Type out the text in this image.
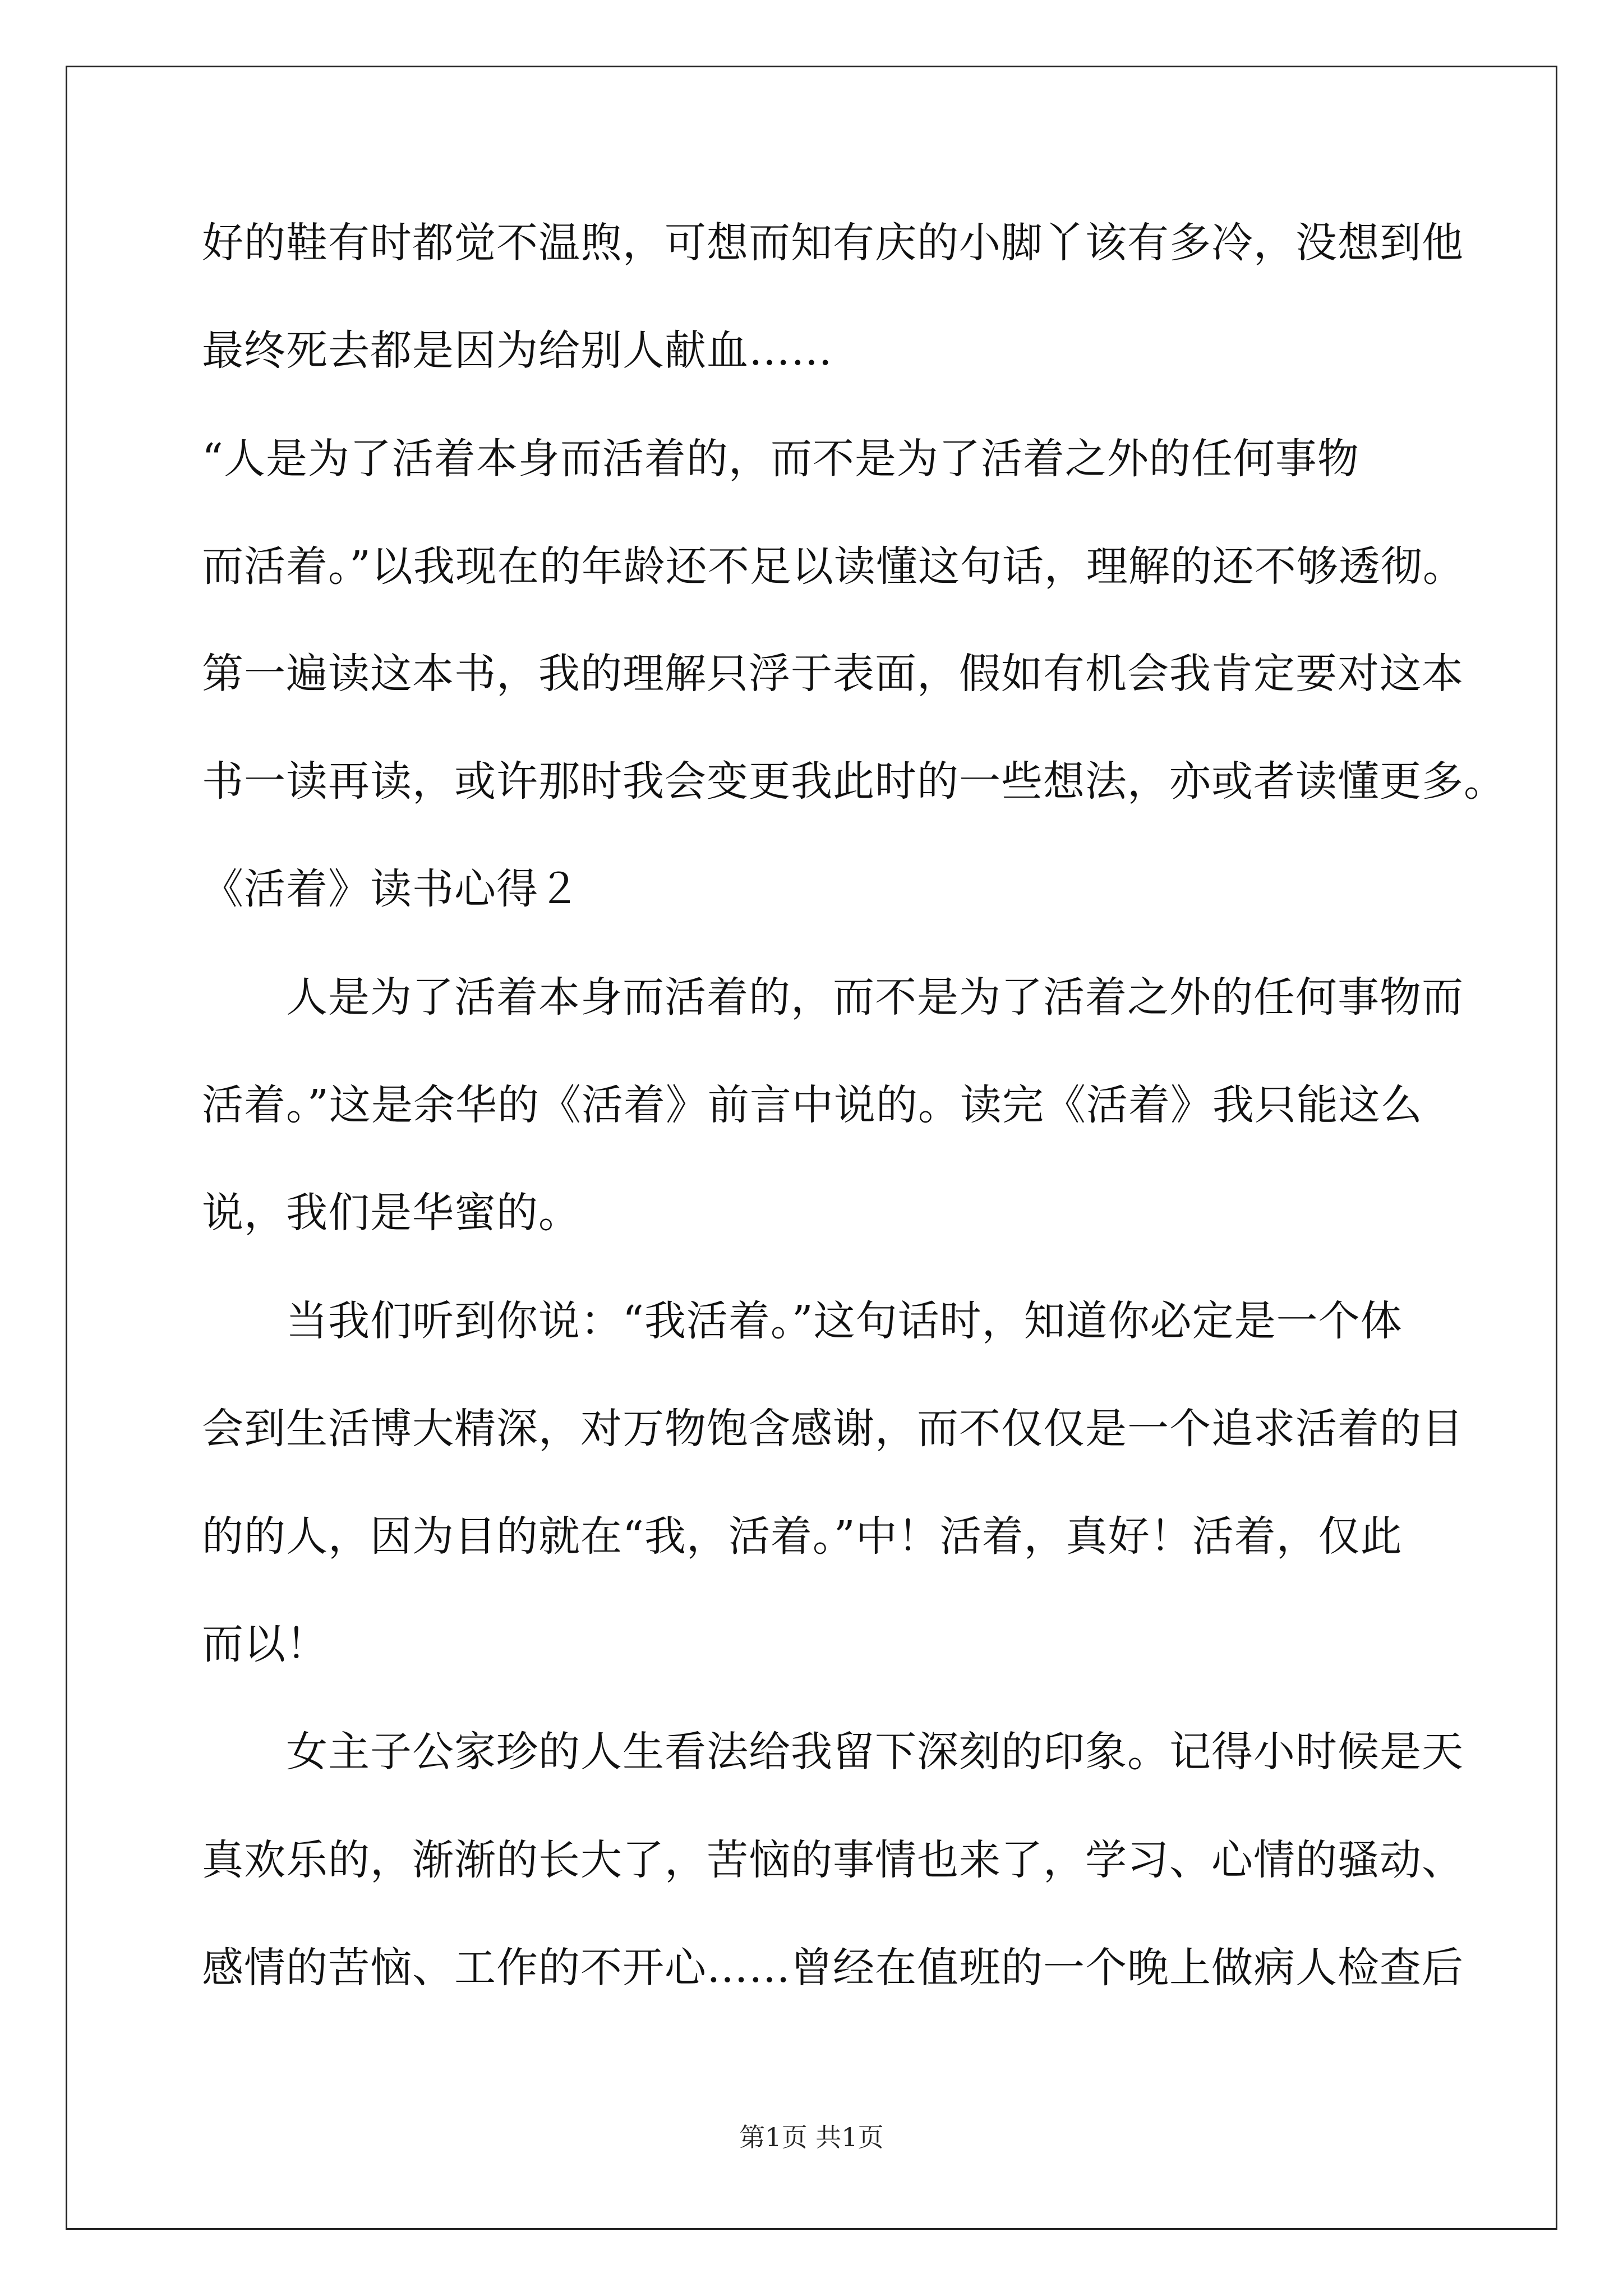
好的鞋有时都觉不温煦，可想而知有庆的小脚丫该有多冷，没想到他
最终死去都是因为给别人献血……
“人是为了活着本身而活着的，而不是为了活着之外的任何事物
而活着。”以我现在的年龄还不足以读懂这句话，理解的还不够透彻。
第一遍读这本书，我的理解只浮于表面，假如有机会我肯定要对这本
书一读再读，或许那时我会变更我此时的一些想法，亦或者读懂更多。
《活着》读书心得２
人是为了活着本身而活着的，而不是为了活着之外的任何事物而
活着。”这是余华的《活着》前言中说的。读完《活着》我只能这么
说，我们是华蜜的。
当我们听到你说：“我活着。”这句话时，知道你必定是一个体
会到生活博大精深，对万物饱含感谢，而不仅仅是一个追求活着的目
的的人，因为目的就在“我，活着。”中！活着，真好！活着，仅此
而以！
女主子公家珍的人生看法给我留下深刻的印象。记得小时候是天
真欢乐的，渐渐的长大了，苦恼的事情也来了，学习、心情的骚动、
感情的苦恼、工作的不开心……曾经在值班的一个晚上做病人检查后
第1页 共1页
